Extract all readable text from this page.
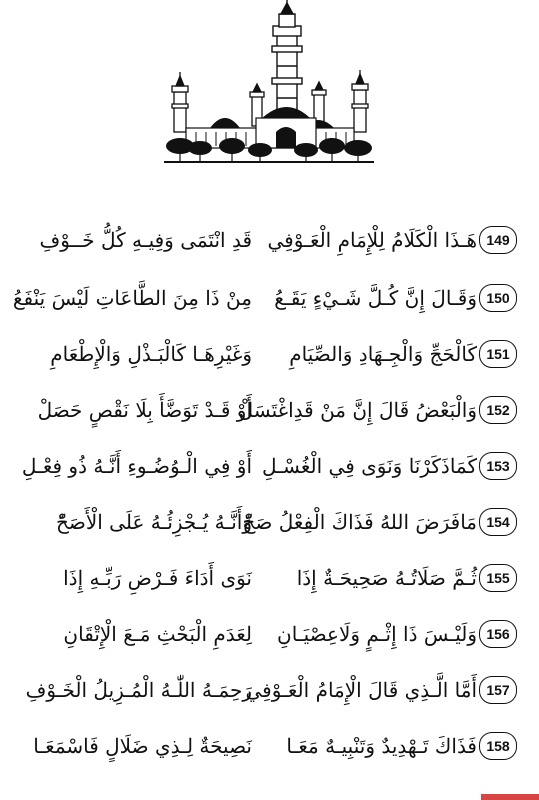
هَـذَا الْكَلَامُ لِلْإِمَامِ الْعَـوْفِي 149
قَدِ انْتَمَى وَفِيـهِ كُلُّ خَــوْفِ
وَقَـالَ إِنَّ كُـلَّ شَـيْءٍ يَقَـعُ 150
مِنْ ذَا مِنَ الطَّاعَاتِ لَيْسَ يَنْفَعُ
كَالْحَجِّ وَالْجِـهَادِ وَالصِّيَامِ 151
وَغَيْرِهَـا كَالْبَـذْلِ وَالْإِطْعَامِ
وَالْبَعْضُ قَالَ إِنَّ مَنْ قَدِاغْتَسَلْ 152
أَوْ قَـدْ تَوَضَّأَ بِلَا نَقْصٍ حَصَلْ
كَمَاذَكَرْنَا وَنَوَى فِي الْغُسْـلِ 153
أَوْ فِي الْـوُضُـوءِ أَنَّـهُ ذُو فِعْـلِ
مَافَرَضَ اللهُ فَذَاكَ الْفِعْلُ صَحّْ 154
وَأَنَّـهُ يُـجْزِئُـهُ عَلَى الْأَصَحّْ
ثُـمَّ صَلَاتُـهُ صَحِيحَـةٌ إِذَا 155
نَوَى أَدَاءَ فَـرْضِ رَبِّـهِ إِذَا
وَلَيْـسَ ذَا إِثْـمٍ وَلَاعِصْيَـانِ 156
لِعَدَمِ الْبَحْثِ مَـعَ الْإِتْقَانِ
أَمَّا الَّـذِي قَالَ الْإِمَامُ الْعَـوْفِي 157
رَحِمَـهُ اللّٰـهُ الْمُـزِيلُ الْخَـوْفِ
فَذَاكَ تَـهْدِيدٌ وَتَنْبِيـهٌ مَعَـا 158
نَصِيحَةٌ لِـذِي ضَلَالٍ فَاسْمَعَـا
